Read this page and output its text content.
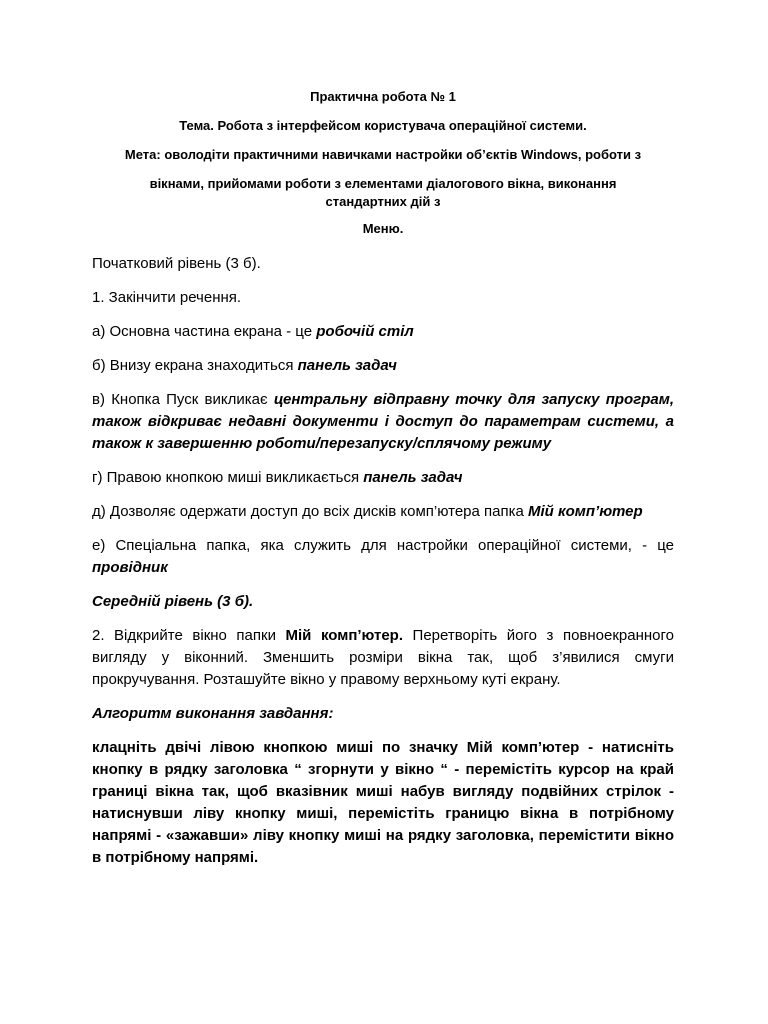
Практична робота № 1
Тема. Робота з інтерфейсом користувача операційної системи.
Мета: оволодіти практичними навичками настройки об’єктів Windows, роботи з
вікнами, прийомами роботи з елементами діалогового вікна, виконання
стандартних дій з
Меню.

Початковий рівень (3 б).

1. Закінчити речення.

а) Основна частина екрана - це робочій стіл

б) Внизу екрана знаходиться панель задач

в) Кнопка Пуск викликає центральну відправну точку для запуску програм, також відкриває недавні документи і доступ до параметрам системи, а також к завершенню роботи/перезапуску/сплячому режиму

г) Правою кнопкою миші викликається панель задач

д) Дозволяє одержати доступ до всіх дисків комп’ютера папка Мій комп’ютер

е) Спеціальна папка, яка служить для настройки операційної системи, - це провідник

Середній рівень (3 б).

2. Відкрийте вікно папки Мій комп’ютер. Перетворіть його з повноекранного вигляду у віконний. Зменшить розміри вікна так, щоб з’явилися смуги прокручування. Розташуйте вікно у правому верхньому куті екрану.

Алгоритм виконання завдання:

клацніть двічі лівою кнопкою миші по значку Мій комп’ютер - натисніть кнопку в рядку заголовка “ згорнути у вікно “ - перемістіть курсор на край границі вікна так, щоб вказівник миші набув вигляду подвійних стрілок - натиснувши ліву кнопку миші, перемістіть границю вікна в потрібному напрямі - «зажавши» ліву кнопку миші на рядку заголовка, перемістити вікно в потрібному напрямі.
